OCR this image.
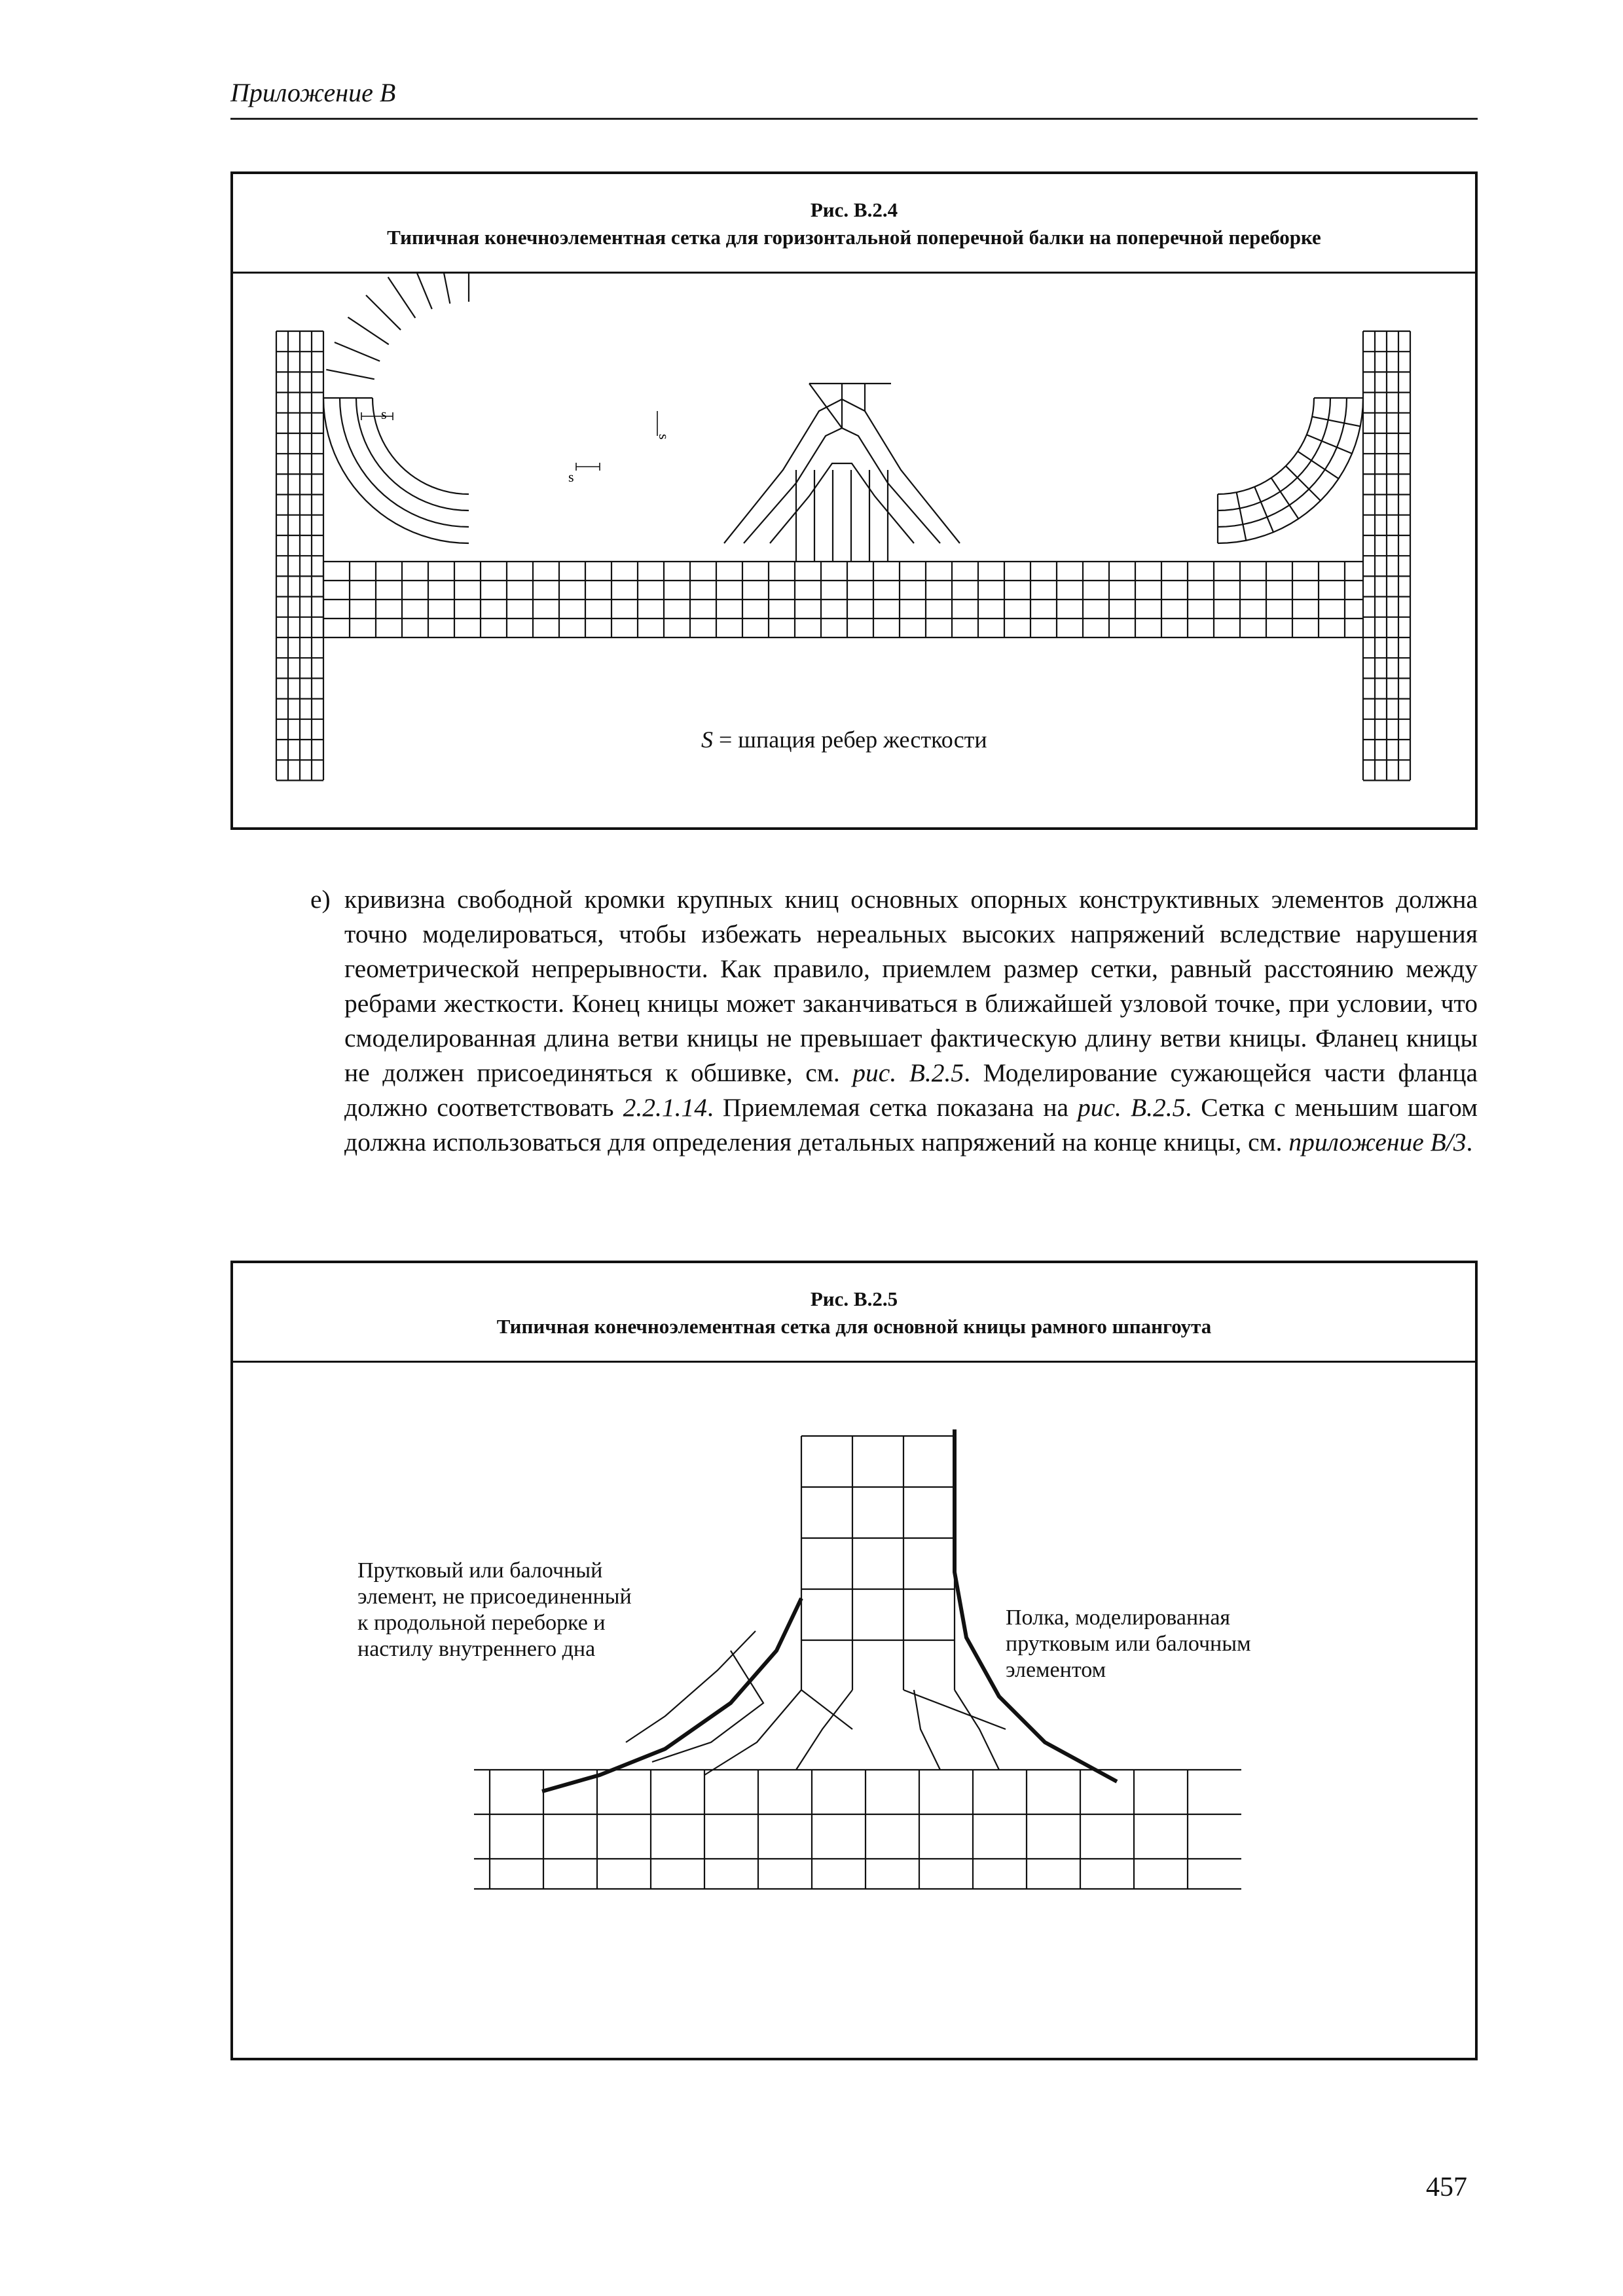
Приложение В
Рис. В.2.4
Типичная конечноэлементная сетка для горизонтальной поперечной балки на поперечной переборке
s
s
s
S = шпация ребер жесткости
е) кривизна свободной кромки крупных книц основных опорных конструктивных элементов должна точно моделироваться, чтобы избежать нереальных высоких напряжений вследствие нарушения геометрической непрерывности. Как правило, приемлем размер сетки, равный расстоянию между ребрами жесткости. Конец кницы может заканчиваться в ближайшей узловой точке, при условии, что смоделированная длина ветви кницы не превышает фактическую длину ветви кницы. Фланец кницы не должен присоединяться к обшивке, см. рис. В.2.5. Моделирование сужающейся части фланца должно соответствовать 2.2.1.14. Приемлемая сетка показана на рис. В.2.5. Сетка с меньшим шагом должна использоваться для определения детальных напряжений на конце кницы, см. приложение В/3.
Рис. В.2.5
Типичная конечноэлементная сетка для основной кницы рамного шпангоута
Прутковый или балочный
элемент, не присоединенный
к продольной переборке и
настилу внутреннего дна
Полка, моделированная
прутковым или балочным
элементом
457
